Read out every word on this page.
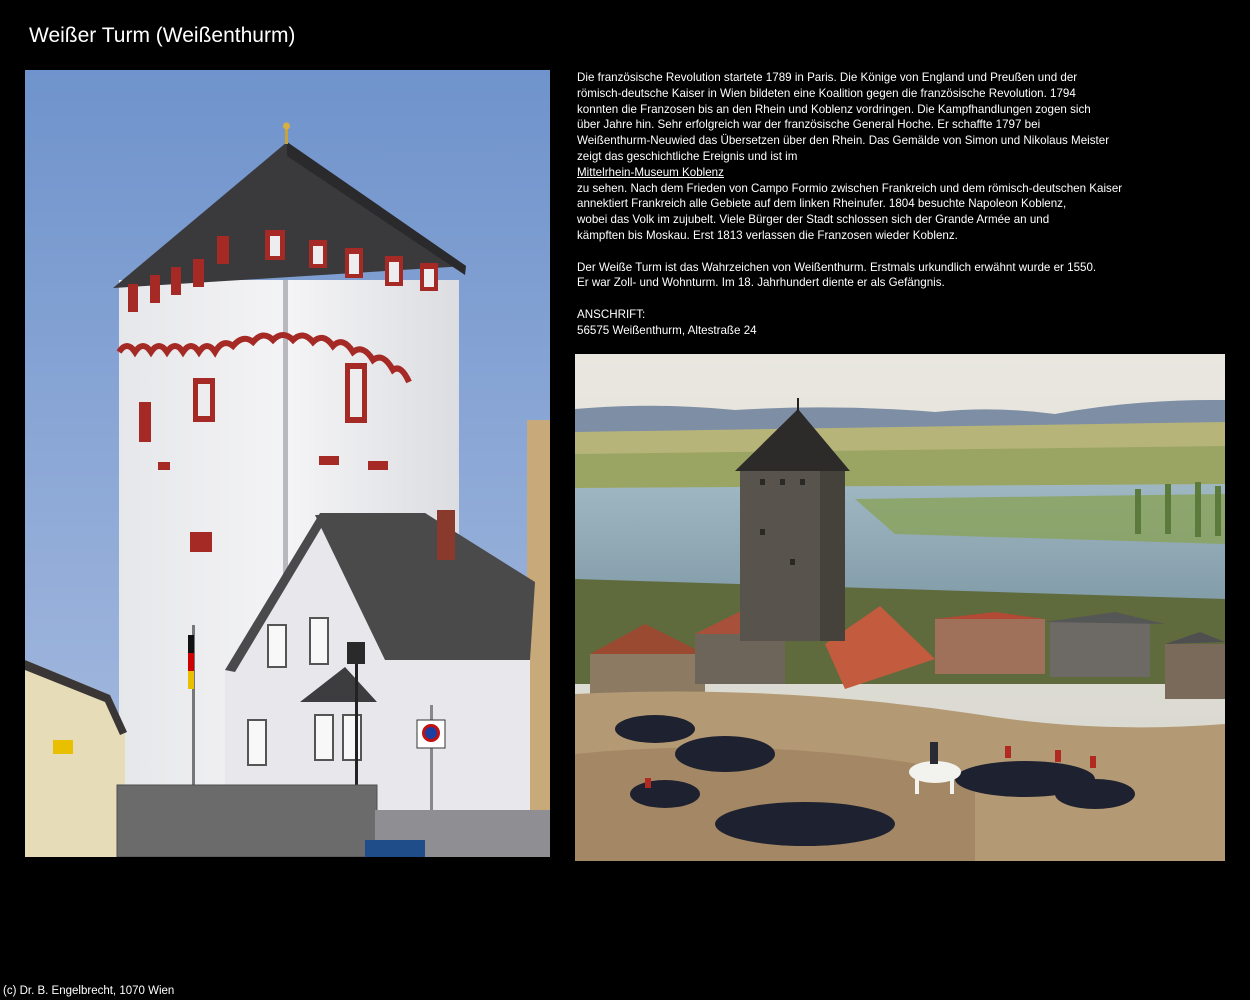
Weißer Turm (Weißenthurm)
Die französische Revolution startete 1789 in Paris. Die Könige von England und Preußen und der
römisch-deutsche Kaiser in Wien bildeten eine Koalition gegen die französische Revolution. 1794
konnten die Franzosen bis an den Rhein und Koblenz vordringen. Die Kampfhandlungen zogen sich
über Jahre hin. Sehr erfolgreich war der französische General Hoche. Er schaffte 1797 bei
Weißenthurm-Neuwied das Übersetzen über den Rhein. Das Gemälde von Simon und Nikolaus Meister
zeigt das geschichtliche Ereignis und ist im
Mittelrhein-Museum Koblenz
zu sehen. Nach dem Frieden von Campo Formio zwischen Frankreich und dem römisch-deutschen Kaiser
annektiert Frankreich alle Gebiete auf dem linken Rheinufer. 1804 besuchte Napoleon Koblenz,
wobei das Volk im zujubelt. Viele Bürger der Stadt schlossen sich der Grande Armée an und
kämpften bis Moskau. Erst 1813 verlassen die Franzosen wieder Koblenz.
Der Weiße Turm ist das Wahrzeichen von Weißenthurm. Erstmals urkundlich erwähnt wurde er 1550.
Er war Zoll- und Wohnturm. Im 18. Jahrhundert diente er als Gefängnis.
ANSCHRIFT:
56575 Weißenthurm, Altestraße 24
(c) Dr. B. Engelbrecht, 1070 Wien
